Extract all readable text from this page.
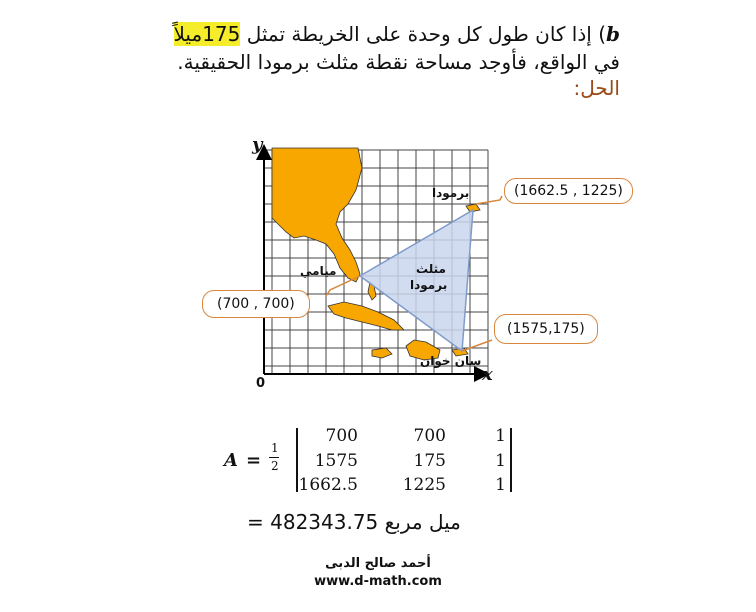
b) إذا كان طول كل وحدة على الخريطة تمثل 175ميلاً
في الواقع، فأوجد مساحة نقطة مثلث برمودا الحقيقية.
الحل:
y
x
0
برمودا
ميامي	مثلث
برمودا
سان خوان
(1662.5 , 1225)
(700 , 700)
(1575,175)
A =
1
2
700	700	1
1575	175	1
1662.5	1225	1
=	ميل مربع 482343.75
أحمد صالح الدبى
www.d-math.com
